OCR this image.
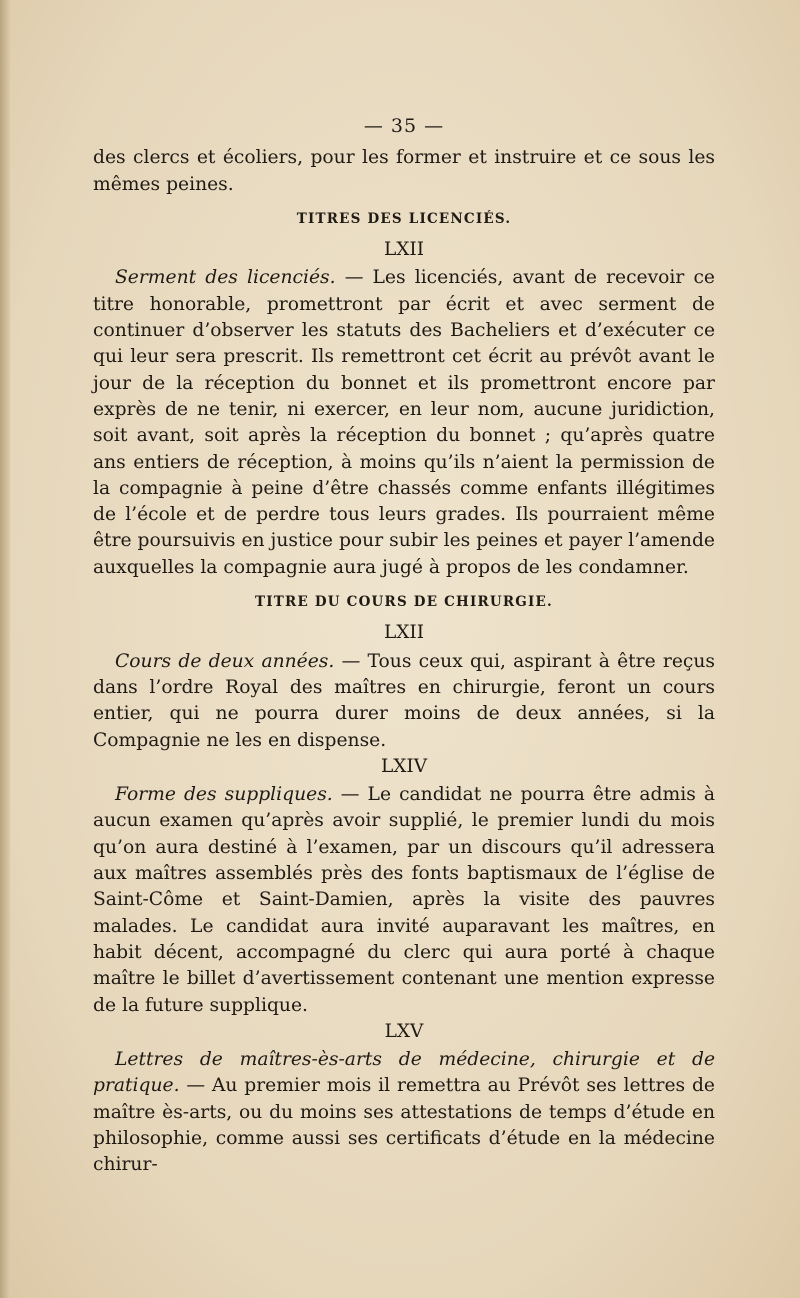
— 35 —

des clercs et écoliers, pour les former et instruire et ce sous les mêmes peines.

TITRES DES LICENCIÉS.
LXII

Serment des licenciés. — Les licenciés, avant de recevoir ce titre honorable, promettront par écrit et avec serment de continuer d’observer les statuts des Bacheliers et d’exécuter ce qui leur sera prescrit. Ils remettront cet écrit au prévôt avant le jour de la réception du bonnet et ils promettront encore par exprès de ne tenir, ni exercer, en leur nom, aucune juridiction, soit avant, soit après la réception du bonnet ; qu’après quatre ans entiers de réception, à moins qu’ils n’aient la permission de la compagnie à peine d’être chassés comme enfants illégitimes de l’école et de perdre tous leurs grades. Ils pourraient même être poursuivis en justice pour subir les peines et payer l’amende auxquelles la compagnie aura jugé à propos de les condamner.

TITRE DU COURS DE CHIRURGIE.
LXII

Cours de deux années. — Tous ceux qui, aspirant à être reçus dans l’ordre Royal des maîtres en chirurgie, feront un cours entier, qui ne pourra durer moins de deux années, si la Compagnie ne les en dispense.

LXIV

Forme des suppliques. — Le candidat ne pourra être admis à aucun examen qu’après avoir supplié, le premier lundi du mois qu’on aura destiné à l’examen, par un discours qu’il adressera aux maîtres assemblés près des fonts baptismaux de l’église de Saint-Côme et Saint-Damien, après la visite des pauvres malades. Le candidat aura invité auparavant les maîtres, en habit décent, accompagné du clerc qui aura porté à chaque maître le billet d’avertissement contenant une mention expresse de la future supplique.

LXV

Lettres de maîtres-ès-arts de médecine, chirurgie et de pratique. — Au premier mois il remettra au Prévôt ses lettres de maître ès-arts, ou du moins ses attestations de temps d’étude en philosophie, comme aussi ses certificats d’étude en la médecine chirur-
